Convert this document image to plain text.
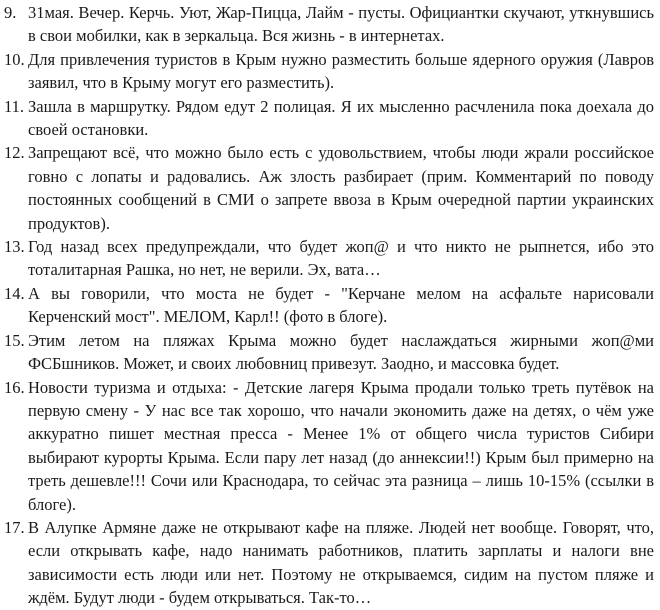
9. 31мая. Вечер. Керчь. Уют, Жар-Пицца, Лайм - пусты. Официантки скучают, уткнувшись в свои мобилки, как в зеркальца. Вся жизнь - в интернетах.
10. Для привлечения туристов в Крым нужно разместить больше ядерного оружия (Лавров заявил, что в Крыму могут его разместить).
11. Зашла в маршрутку. Рядом едут 2 полицая. Я их мысленно расчленила пока доехала до своей остановки.
12. Запрещают всё, что можно было есть с удовольствием, чтобы люди жрали российское говно с лопаты и радовались. Аж злость разбирает (прим. Комментарий по поводу постоянных сообщений в СМИ о запрете ввоза в Крым очередной партии украинских продуктов).
13. Год назад всех предупреждали, что будет жоп@ и что никто не рыпнется, ибо это тоталитарная Рашка, но нет, не верили. Эх, вата…
14. А вы говорили, что моста не будет - "Керчане мелом на асфальте нарисовали Керченский мост". МЕЛОМ, Карл!! (фото в блоге).
15. Этим летом на пляжах Крыма можно будет наслаждаться жирными жоп@ми ФСБшников. Может, и своих любовниц привезут. Заодно, и массовка будет.
16. Новости туризма и отдыха: - Детские лагеря Крыма продали только треть путёвок на первую смену - У нас все так хорошо, что начали экономить даже на детях, о чём уже аккуратно пишет местная пресса - Менее 1% от общего числа туристов Сибири выбирают курорты Крыма. Если пару лет назад (до аннексии!!) Крым был примерно на треть дешевле!!! Сочи или Краснодара, то сейчас эта разница – лишь 10-15% (ссылки в блоге).
17. В Алупке Армяне даже не открывают кафе на пляже. Людей нет вообще. Говорят, что, если открывать кафе, надо нанимать работников, платить зарплаты и налоги вне зависимости есть люди или нет. Поэтому не открываемся, сидим на пустом пляже и ждём. Будут люди - будем открываться. Так-то…
